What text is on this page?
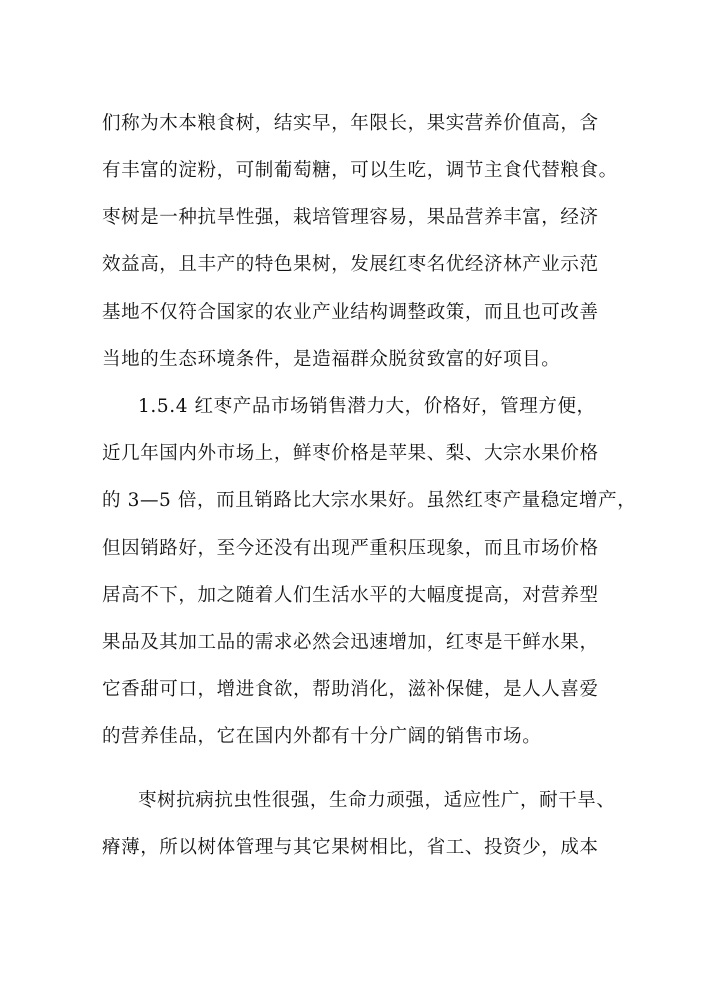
们称为木本粮食树，结实早，年限长，果实营养价值高，含
有丰富的淀粉，可制葡萄糖，可以生吃，调节主食代替粮食。
枣树是一种抗旱性强，栽培管理容易，果品营养丰富，经济
效益高，且丰产的特色果树，发展红枣名优经济林产业示范
基地不仅符合国家的农业产业结构调整政策，而且也可改善
当地的生态环境条件，是造福群众脱贫致富的好项目。
1.5.4 红枣产品市场销售潜力大，价格好，管理方便，
近几年国内外市场上，鲜枣价格是苹果、梨、大宗水果价格
的 3—5 倍，而且销路比大宗水果好。虽然红枣产量稳定增产，
但因销路好，至今还没有出现严重积压现象，而且市场价格
居高不下，加之随着人们生活水平的大幅度提高，对营养型
果品及其加工品的需求必然会迅速增加，红枣是干鲜水果，
它香甜可口，增进食欲，帮助消化，滋补保健，是人人喜爱
的营养佳品，它在国内外都有十分广阔的销售市场。
枣树抗病抗虫性很强，生命力顽强，适应性广，耐干旱、
瘠薄，所以树体管理与其它果树相比，省工、投资少，成本
